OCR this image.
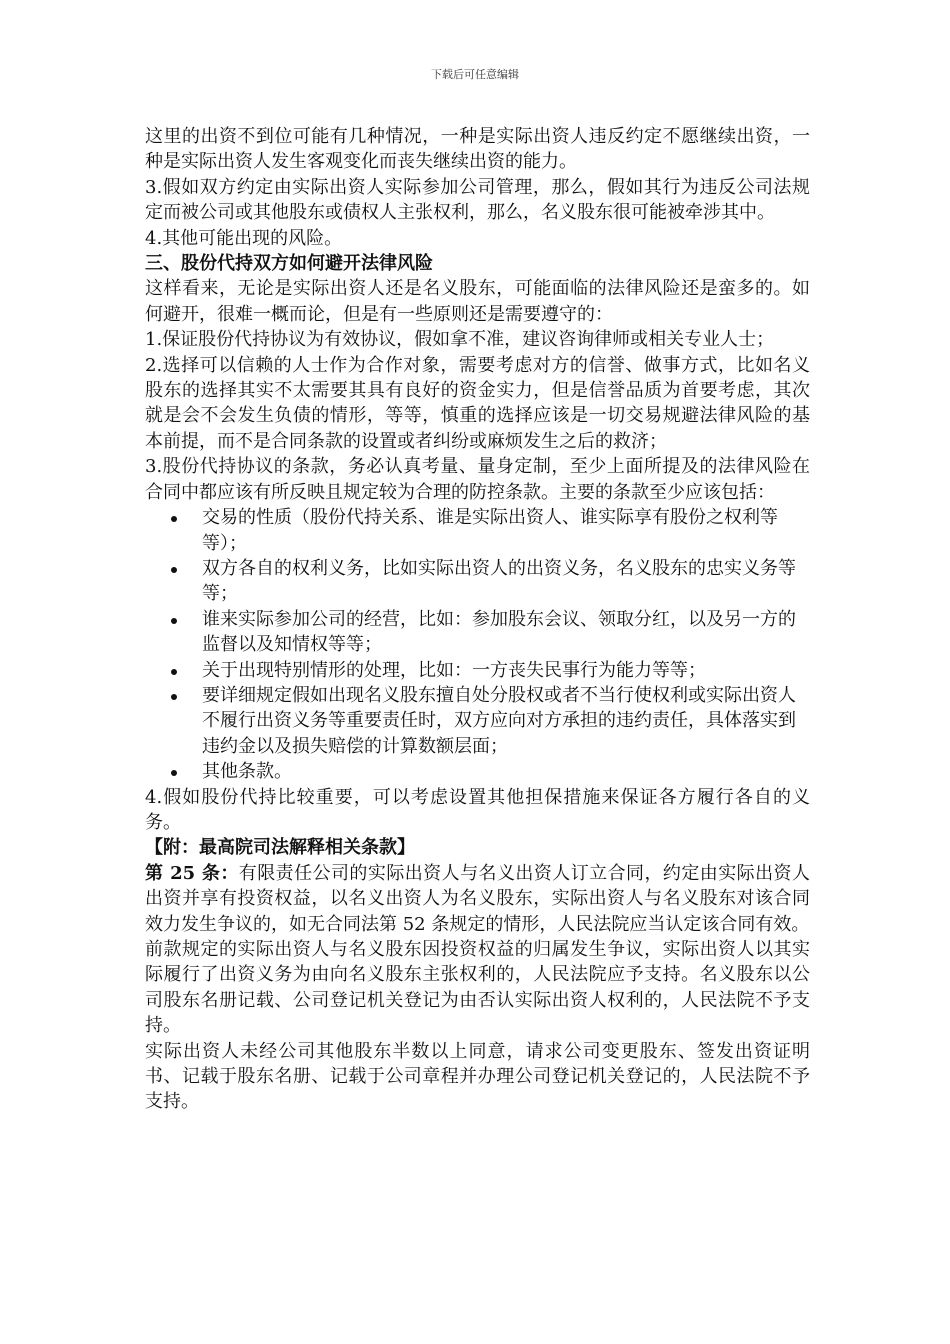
下载后可任意编辑

这里的出资不到位可能有几种情况，一种是实际出资人违反约定不愿继续出资，一种是实际出资人发生客观变化而丧失继续出资的能力。

3.假如双方约定由实际出资人实际参加公司管理，那么，假如其行为违反公司法规定而被公司或其他股东或债权人主张权利，那么，名义股东很可能被牵涉其中。

4.其他可能出现的风险。

三、股份代持双方如何避开法律风险

这样看来，无论是实际出资人还是名义股东，可能面临的法律风险还是蛮多的。如何避开，很难一概而论，但是有一些原则还是需要遵守的：

1.保证股份代持协议为有效协议，假如拿不准，建议咨询律师或相关专业人士；

2.选择可以信赖的人士作为合作对象，需要考虑对方的信誉、做事方式，比如名义股东的选择其实不太需要其具有良好的资金实力，但是信誉品质为首要考虑，其次就是会不会发生负债的情形，等等，慎重的选择应该是一切交易规避法律风险的基本前提，而不是合同条款的设置或者纠纷或麻烦发生之后的救济；

3.股份代持协议的条款，务必认真考量、量身定制，至少上面所提及的法律风险在合同中都应该有所反映且规定较为合理的防控条款。主要的条款至少应该包括：

交易的性质（股份代持关系、谁是实际出资人、谁实际享有股份之权利等等）；
双方各自的权利义务，比如实际出资人的出资义务，名义股东的忠实义务等等；
谁来实际参加公司的经营，比如：参加股东会议、领取分红，以及另一方的监督以及知情权等等；
关于出现特别情形的处理，比如：一方丧失民事行为能力等等；
要详细规定假如出现名义股东擅自处分股权或者不当行使权利或实际出资人不履行出资义务等重要责任时，双方应向对方承担的违约责任，具体落实到违约金以及损失赔偿的计算数额层面；
其他条款。

4.假如股份代持比较重要，可以考虑设置其他担保措施来保证各方履行各自的义务。

【附：最高院司法解释相关条款】

第 25 条：有限责任公司的实际出资人与名义出资人订立合同，约定由实际出资人出资并享有投资权益，以名义出资人为名义股东，实际出资人与名义股东对该合同效力发生争议的，如无合同法第 52 条规定的情形，人民法院应当认定该合同有效。

前款规定的实际出资人与名义股东因投资权益的归属发生争议，实际出资人以其实际履行了出资义务为由向名义股东主张权利的，人民法院应予支持。名义股东以公司股东名册记载、公司登记机关登记为由否认实际出资人权利的，人民法院不予支持。

实际出资人未经公司其他股东半数以上同意，请求公司变更股东、签发出资证明书、记载于股东名册、记载于公司章程并办理公司登记机关登记的，人民法院不予支持。
